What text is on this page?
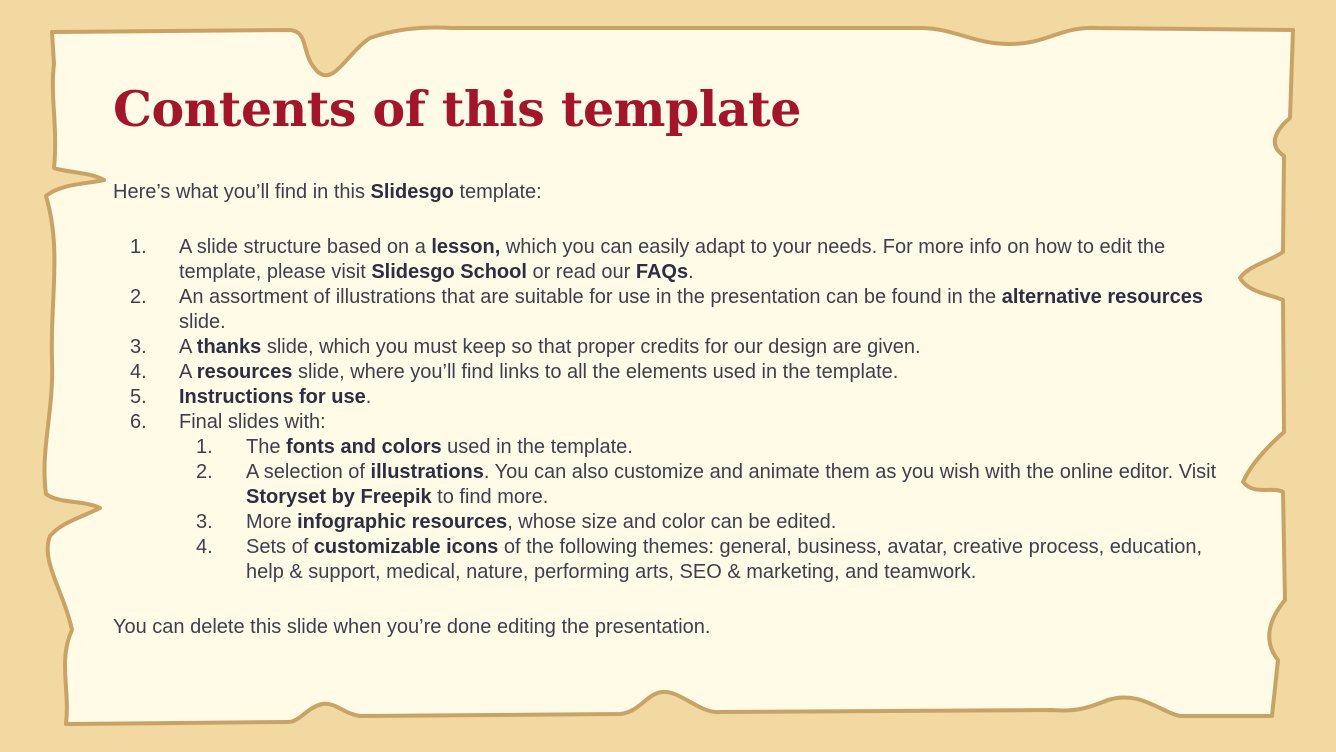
Contents of this template

Here’s what you’ll find in this Slidesgo template:

1. A slide structure based on a lesson, which you can easily adapt to your needs. For more info on how to edit the template, please visit Slidesgo School or read our FAQs.
2. An assortment of illustrations that are suitable for use in the presentation can be found in the alternative resources slide.
3. A thanks slide, which you must keep so that proper credits for our design are given.
4. A resources slide, where you’ll find links to all the elements used in the template.
5. Instructions for use.
6. Final slides with:
1. The fonts and colors used in the template.
2. A selection of illustrations. You can also customize and animate them as you wish with the online editor. Visit Storyset by Freepik to find more.
3. More infographic resources, whose size and color can be edited.
4. Sets of customizable icons of the following themes: general, business, avatar, creative process, education, help & support, medical, nature, performing arts, SEO & marketing, and teamwork.

You can delete this slide when you’re done editing the presentation.
